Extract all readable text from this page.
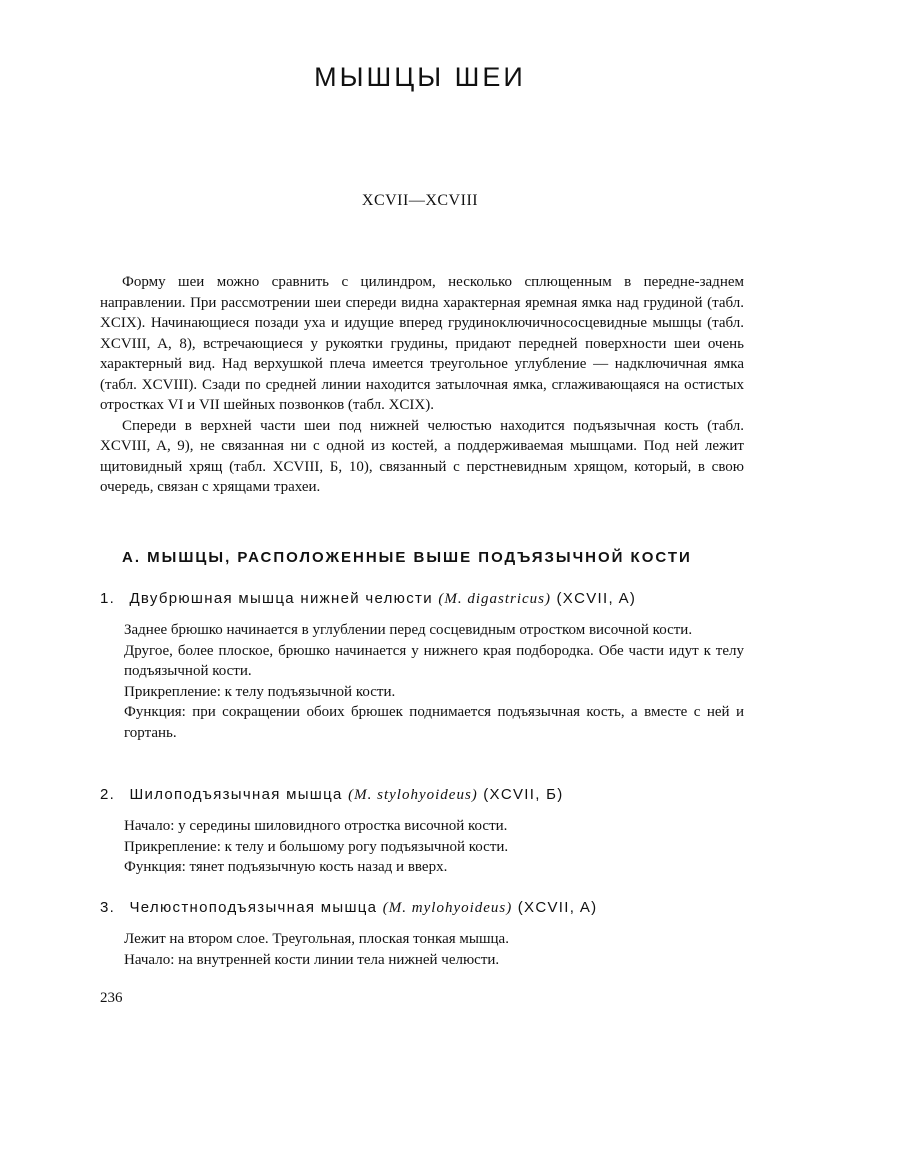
МЫШЦЫ ШЕИ
XCVII—XCVIII

Форму шеи можно сравнить с цилиндром, несколько сплющенным в передне-заднем направлении. При рассмотрении шеи спереди видна характерная яремная ямка над грудиной (табл. XCIX). Начинающиеся позади уха и идущие вперед грудиноключичнососцевидные мышцы (табл. XCVIII, A, 8), встречающиеся у рукоятки грудины, придают передней поверхности шеи очень характерный вид. Над верхушкой плеча имеется треугольное углубление — надключичная ямка (табл. XCVIII). Сзади по средней линии находится затылочная ямка, сглаживающаяся на остистых отростках VI и VII шейных позвонков (табл. XCIX).

Спереди в верхней части шеи под нижней челюстью находится подъязычная кость (табл. XCVIII, A, 9), не связанная ни с одной из костей, а поддерживаемая мышцами. Под ней лежит щитовидный хрящ (табл. XCVIII, Б, 10), связанный с перстневидным хрящом, который, в свою очередь, связан с хрящами трахеи.

А. МЫШЦЫ, РАСПОЛОЖЕННЫЕ ВЫШЕ ПОДЪЯЗЫЧНОЙ КОСТИ
1. Двубрюшная мышца нижней челюсти (M. digastricus) (XCVII, A)

Заднее брюшко начинается в углублении перед сосцевидным отростком височной кости.

Другое, более плоское, брюшко начинается у нижнего края подбородка. Обе части идут к телу подъязычной кости.

Прикрепление: к телу подъязычной кости.

Функция: при сокращении обоих брюшек поднимается подъязычная кость, а вместе с ней и гортань.

2. Шилоподъязычная мышца (M. stylohyoideus) (XCVII, Б)

Начало: у середины шиловидного отростка височной кости.

Прикрепление: к телу и большому рогу подъязычной кости.

Функция: тянет подъязычную кость назад и вверх.

3. Челюстноподъязычная мышца (M. mylohyoideus) (XCVII, A)

Лежит на втором слое. Треугольная, плоская тонкая мышца.

Начало: на внутренней кости линии тела нижней челюсти.

236
